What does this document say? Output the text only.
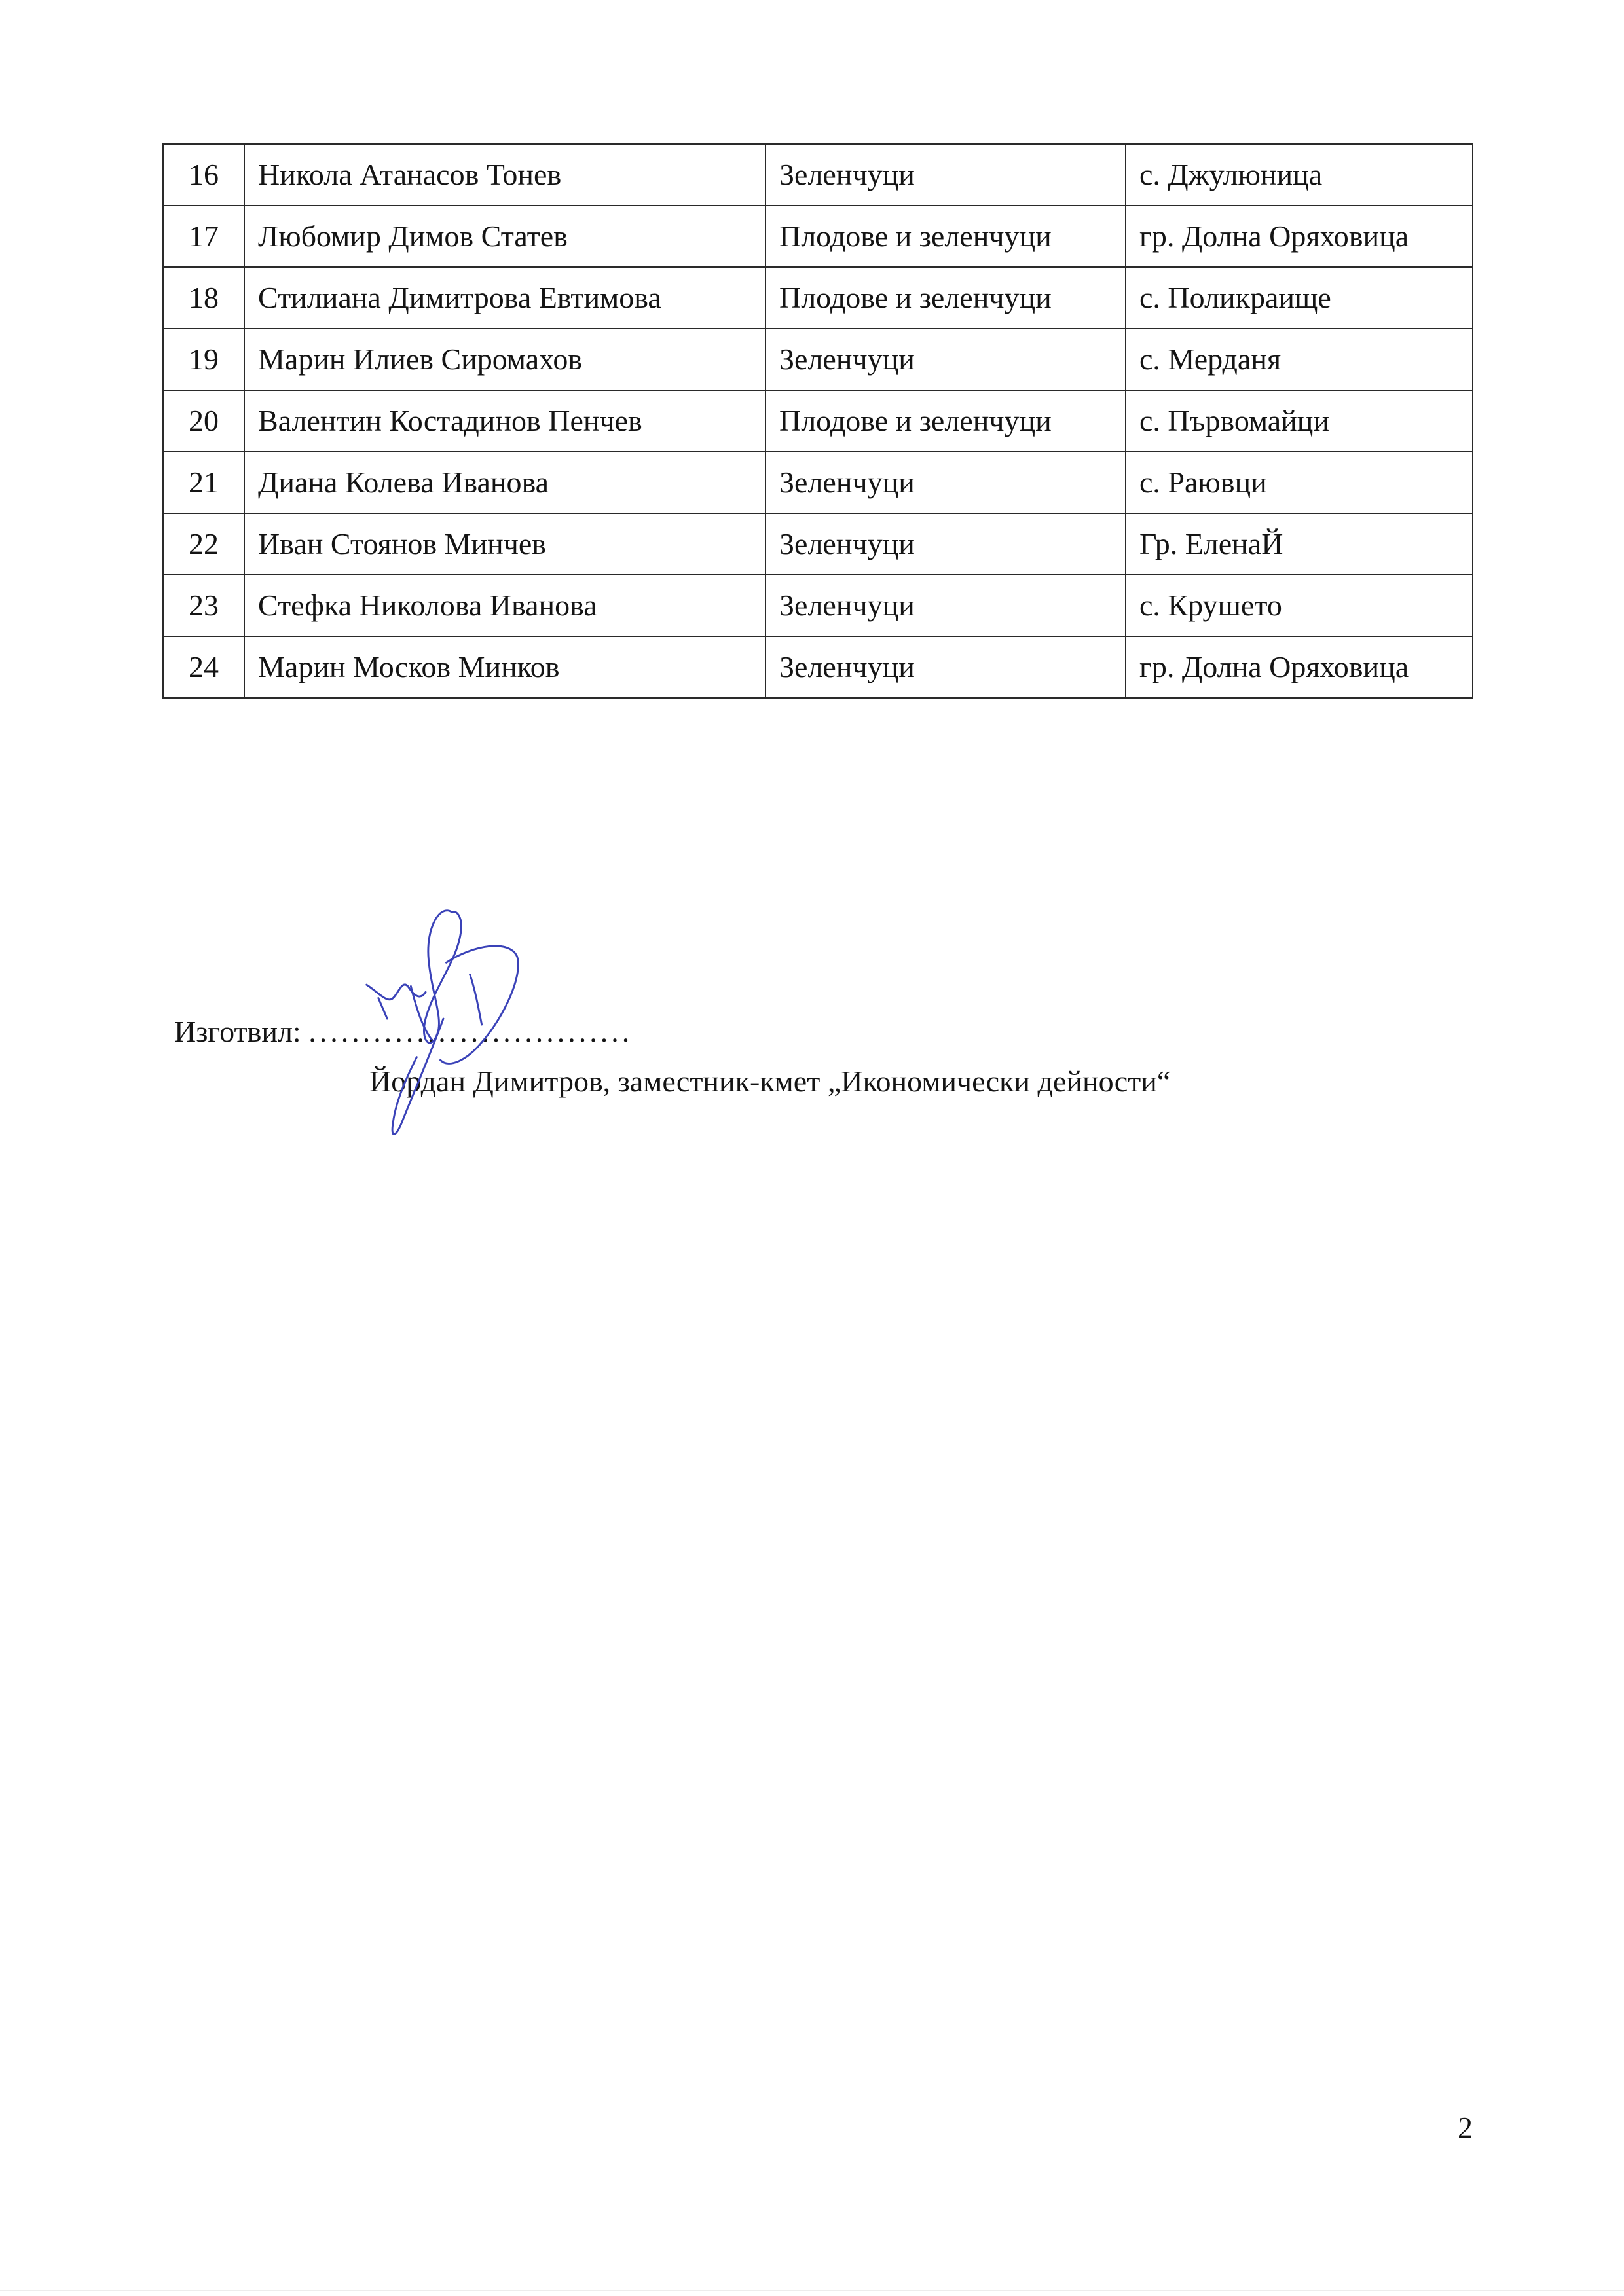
16	Никола Атанасов Тонев	Зеленчуци	с. Джулюница
17	Любомир Димов Статев	Плодове и зеленчуци	гр. Долна Оряховица
18	Стилиана Димитрова Евтимова	Плодове и зеленчуци	с. Поликраище
19	Марин Илиев Сиромахов	Зеленчуци	с. Мерданя
20	Валентин Костадинов Пенчев	Плодове и зеленчуци	с. Първомайци
21	Диана Колева Иванова	Зеленчуци	с. Раювци
22	Иван Стоянов Минчев	Зеленчуци	Гр. ЕленаЙ
23	Стефка Николова Иванова	Зеленчуци	с. Крушето
24	Марин Москов Минков	Зеленчуци	гр. Долна Оряховица
Изготвил: ..............................
Йордан Димитров, заместник-кмет „Икономически дейности“
2
